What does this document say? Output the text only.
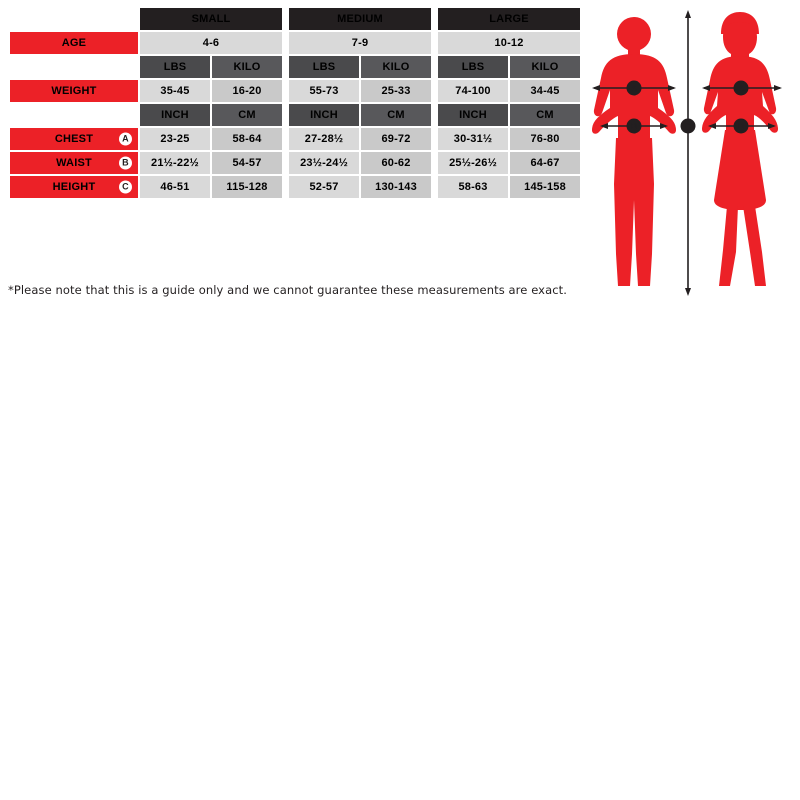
	SMALL			MEDIUM			LARGE	
AGE	4-6			7-9			10-12	
	LBS	KILO		LBS	KILO		LBS	KILO
WEIGHT	35-45	16-20		55-73	25-33		74-100	34-45
	INCH	CM		INCH	CM		INCH	CM
CHEST A	23-25	58-64		27-28½	69-72		30-31½	76-80
WAIST B	21½-22½	54-57		23½-24½	60-62		25½-26½	64-67
HEIGHT C	46-51	115-128		52-57	130-143		58-63	145-158
*Please note that this is a guide only and we cannot guarantee these measurements are exact.
A
B
A
B
C
